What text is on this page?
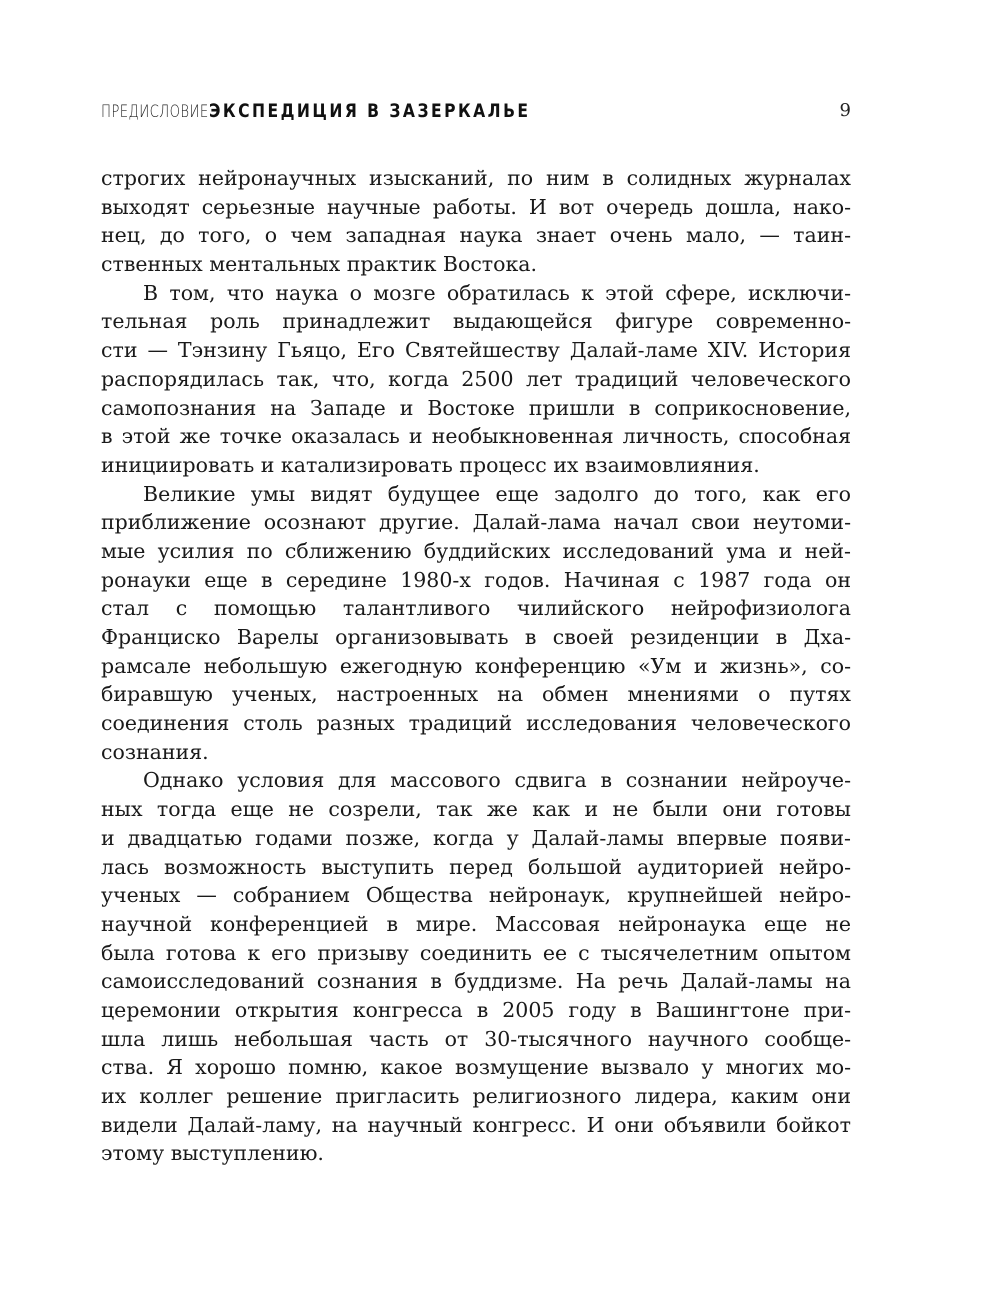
ПРЕДИСЛОВИЕ ЭКСПЕДИЦИЯ В ЗАЗЕРКАЛЬЕ	9
строгих нейронаучных изысканий, по ним в солидных журналах
выходят серьезные научные работы. И вот очередь дошла, нако-
нец, до того, о чем западная наука знает очень мало, — таин-
ственных ментальных практик Востока.
В том, что наука о мозге обратилась к этой сфере, исключи-
тельная роль принадлежит выдающейся фигуре современно-
сти — Тэнзину Гьяцо, Его Святейшеству Далай-ламе XIV. История
распорядилась так, что, когда 2500 лет традиций человеческого
самопознания на Западе и Востоке пришли в соприкосновение,
в этой же точке оказалась и необыкновенная личность, способная
инициировать и катализировать процесс их взаимовлияния.
Великие умы видят будущее еще задолго до того, как его
приближение осознают другие. Далай-лама начал свои неутоми-
мые усилия по сближению буддийских исследований ума и ней-
ронауки еще в середине 1980-х годов. Начиная с 1987 года он
стал с помощью талантливого чилийского нейрофизиолога
Франциско Варелы организовывать в своей резиденции в Дха-
рамсале небольшую ежегодную конференцию «Ум и жизнь», со-
биравшую ученых, настроенных на обмен мнениями о путях
соединения столь разных традиций исследования человеческого
сознания.
Однако условия для массового сдвига в сознании нейроуче-
ных тогда еще не созрели, так же как и не были они готовы
и двадцатью годами позже, когда у Далай-ламы впервые появи-
лась возможность выступить перед большой аудиторией нейро-
ученых — собранием Общества нейронаук, крупнейшей нейро-
научной конференцией в мире. Массовая нейронаука еще не
была готова к его призыву соединить ее с тысячелетним опытом
самоисследований сознания в буддизме. На речь Далай-ламы на
церемонии открытия конгресса в 2005 году в Вашингтоне при-
шла лишь небольшая часть от 30-тысячного научного сообще-
ства. Я хорошо помню, какое возмущение вызвало у многих мо-
их коллег решение пригласить религиозного лидера, каким они
видели Далай-ламу, на научный конгресс. И они объявили бойкот
этому выступлению.
